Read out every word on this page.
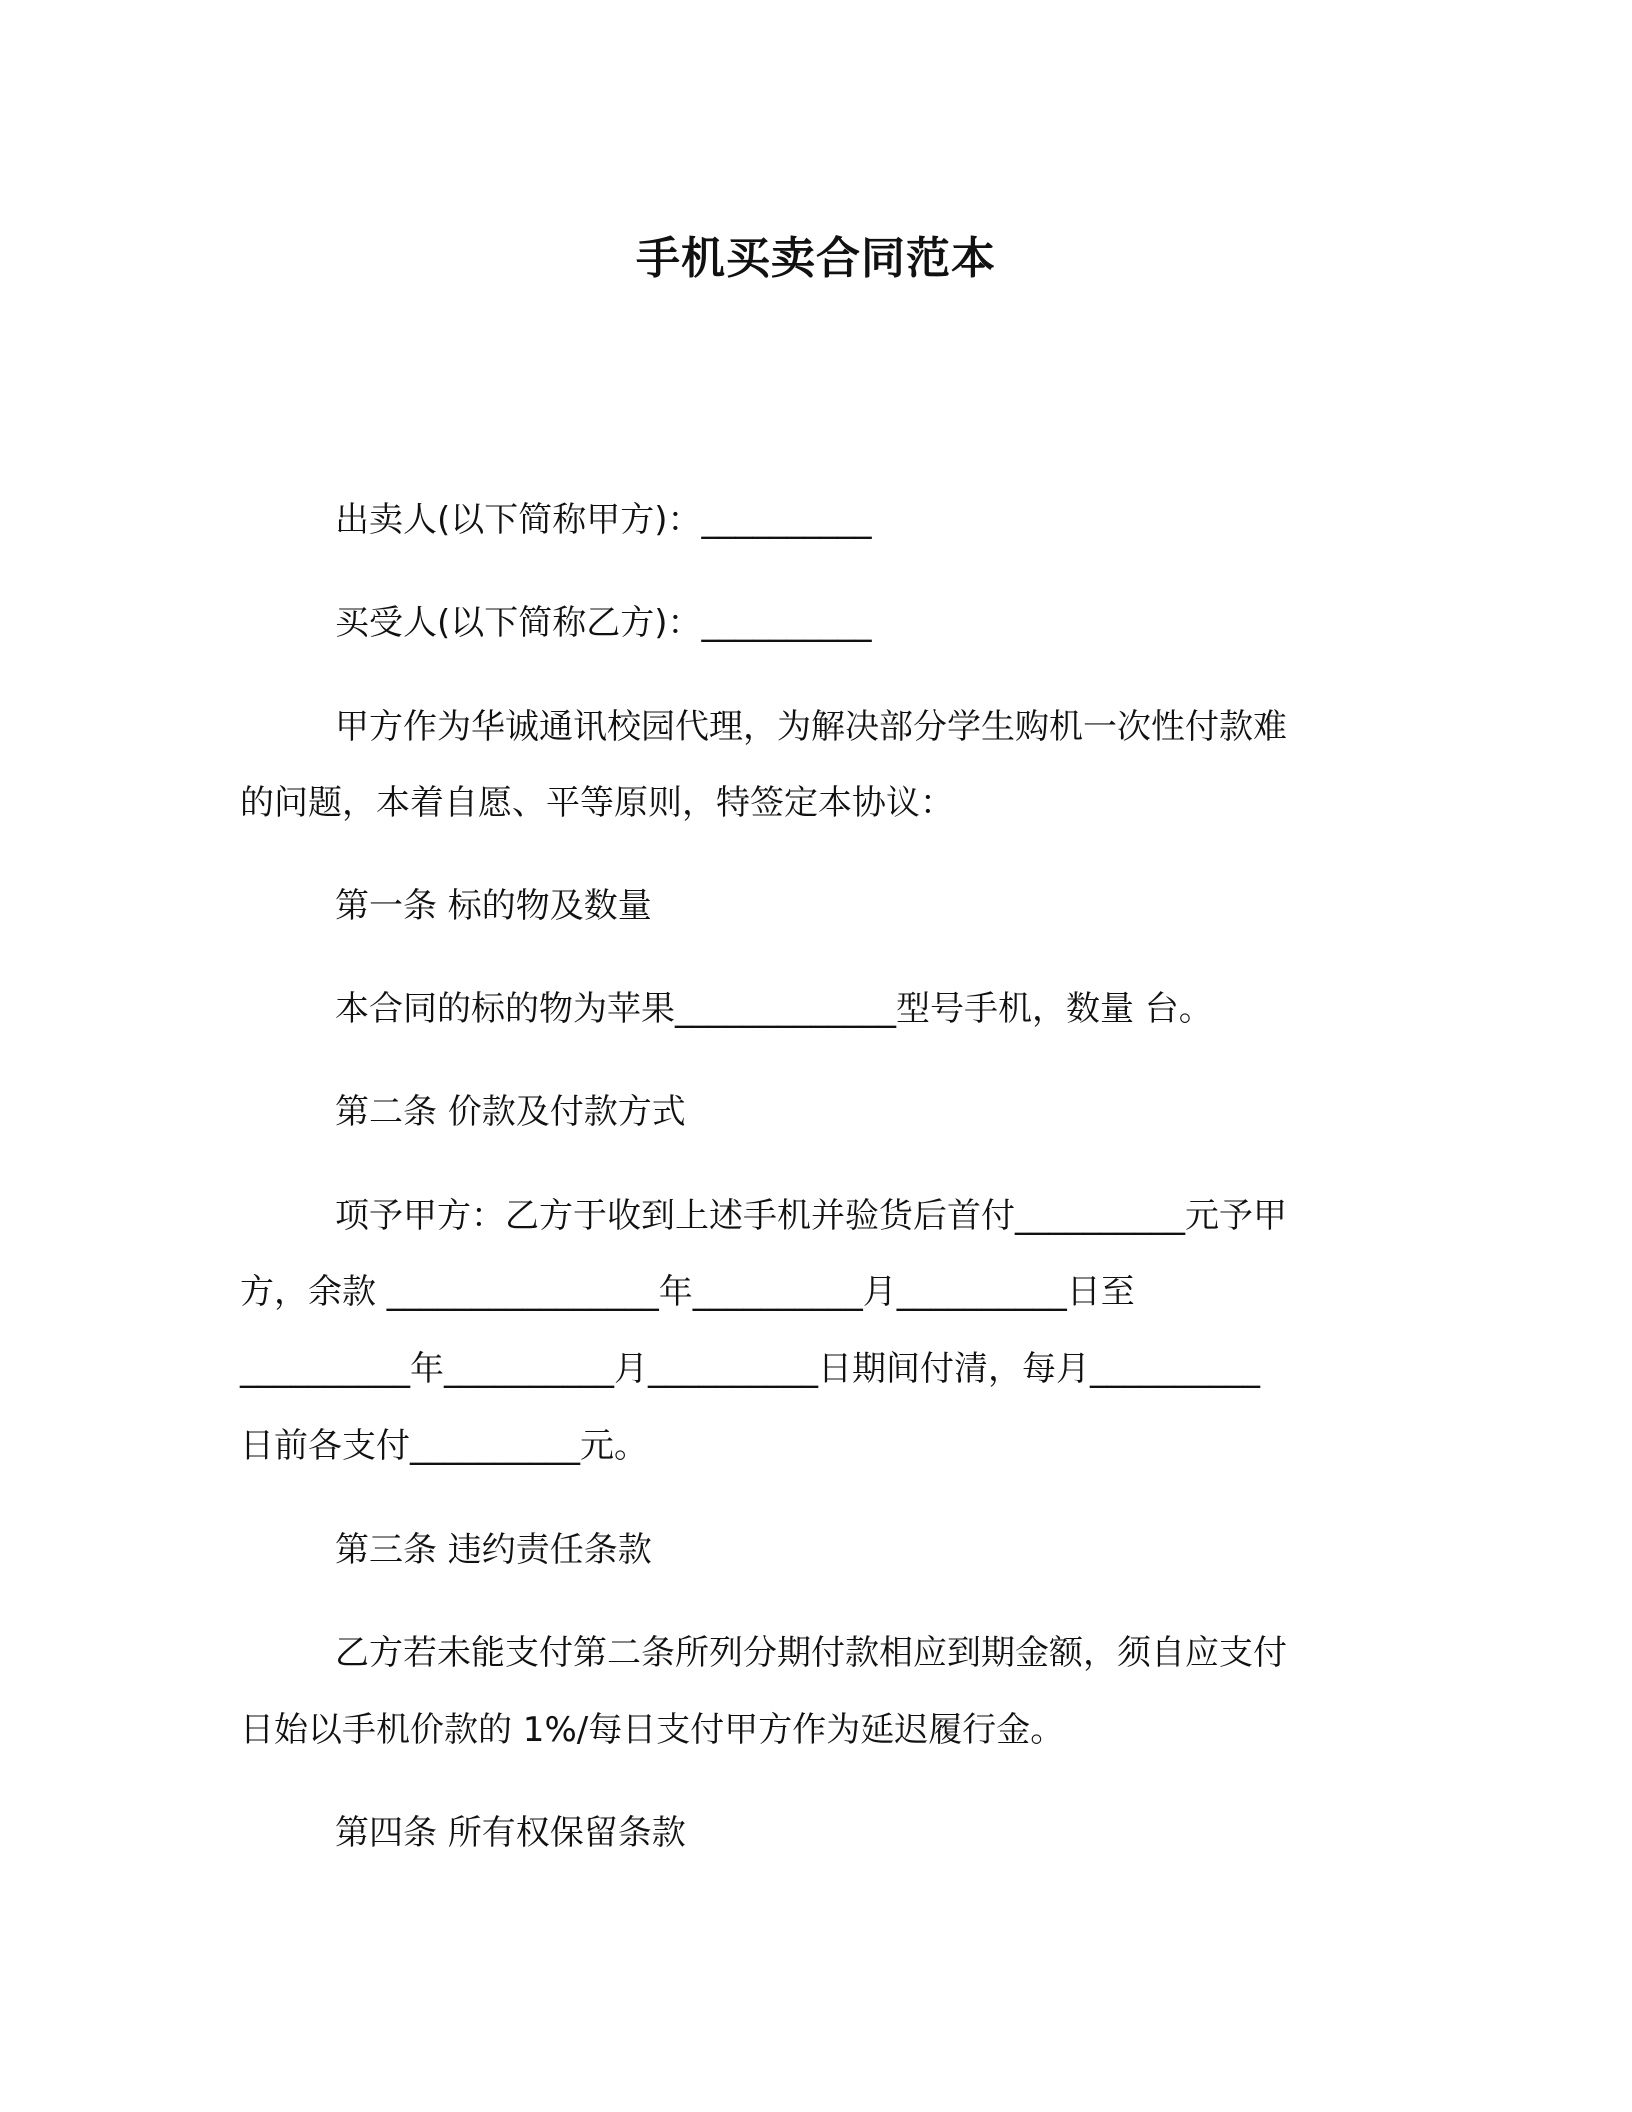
手机买卖合同范本

出卖人(以下简称甲方)：__________

买受人(以下简称乙方)：__________

甲方作为华诚通讯校园代理，为解决部分学生购机一次性付款难

的问题，本着自愿、平等原则，特签定本协议：

第一条 标的物及数量

本合同的标的物为苹果_____________型号手机，数量 台。

第二条 价款及付款方式

项予甲方：乙方于收到上述手机并验货后首付__________元予甲

方，余款 ________________年__________月__________日至

__________年__________月__________日期间付清，每月__________

日前各支付__________元。

第三条 违约责任条款

乙方若未能支付第二条所列分期付款相应到期金额，须自应支付

日始以手机价款的 1%/每日支付甲方作为延迟履行金。

第四条 所有权保留条款
